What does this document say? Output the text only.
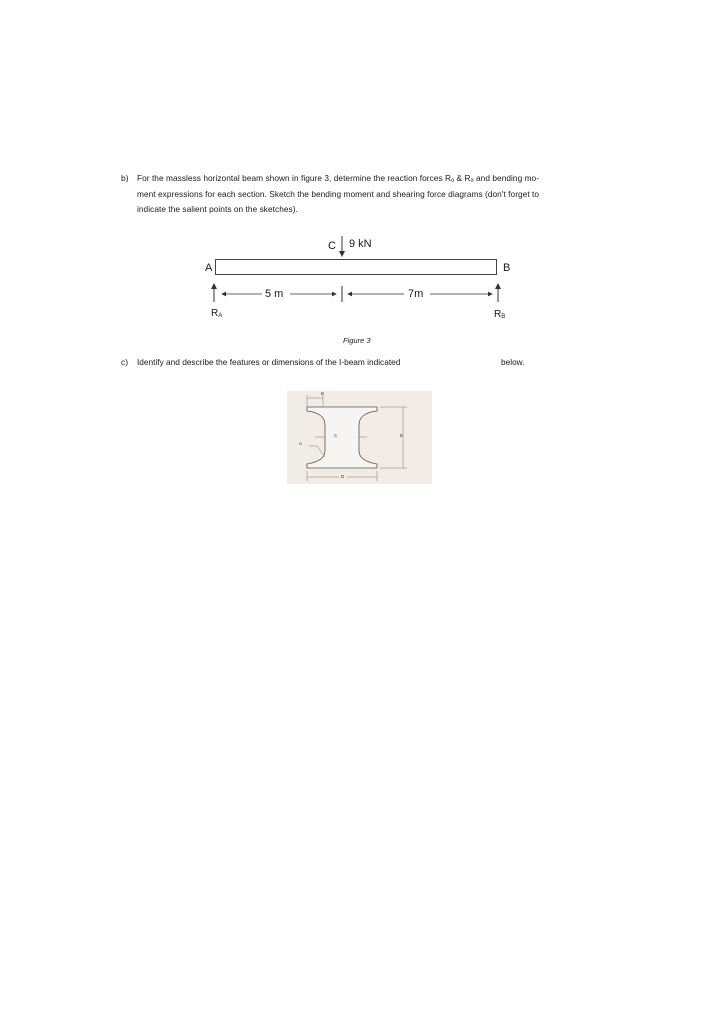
b) For the massless horizontal beam shown in figure 3, determine the reaction forces Rₐ & Rₐ and bending mo-
ment expressions for each section. Sketch the bending moment and shearing force diagrams (don't forget to
indicate the salient points on the sketches).
A	B
C 9 kN
5 m	7m
$R_A$	$R_B$
Figure 3
c) Identify and describe the features or dimensions of the I-beam indicated	below.
B
A
C
D
E
